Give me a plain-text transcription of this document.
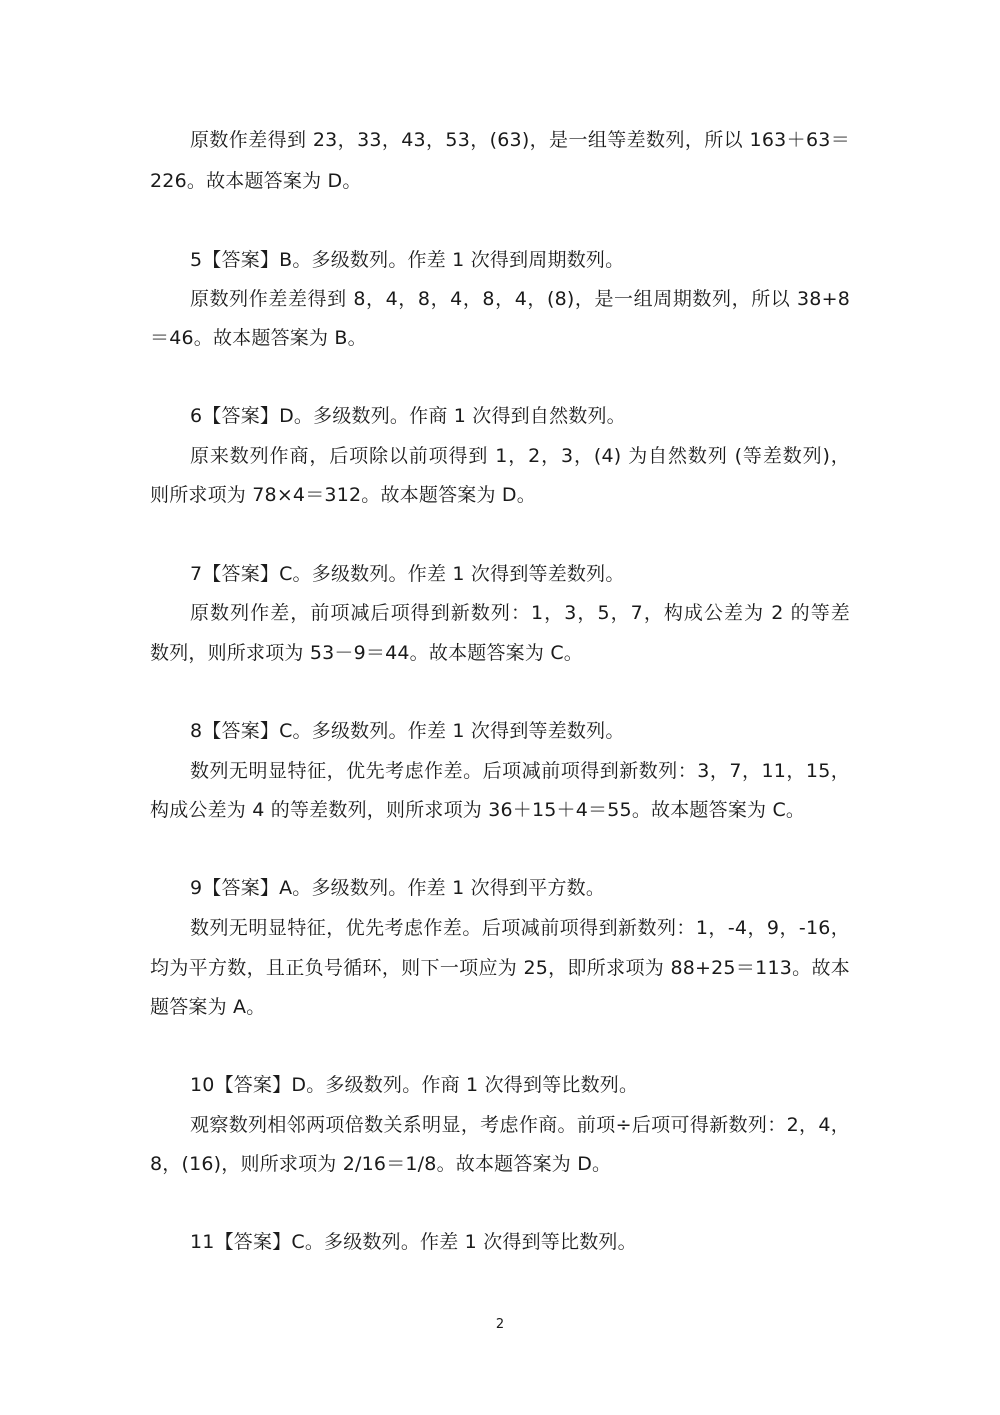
原数作差得到 23，33，43，53，(63)，是一组等差数列，所以 163＋63＝
226。故本题答案为 D。
5【答案】B。多级数列。作差 1 次得到周期数列。
原数列作差差得到 8，4，8，4，8，4，(8)，是一组周期数列，所以 38+8
＝46。故本题答案为 B。
6【答案】D。多级数列。作商 1 次得到自然数列。
原来数列作商，后项除以前项得到 1，2，3，(4) 为自然数列 (等差数列)，
则所求项为 78×4＝312。故本题答案为 D。
7【答案】C。多级数列。作差 1 次得到等差数列。
原数列作差，前项减后项得到新数列：1，3，5，7，构成公差为 2 的等差
数列，则所求项为 53－9＝44。故本题答案为 C。
8【答案】C。多级数列。作差 1 次得到等差数列。
数列无明显特征，优先考虑作差。后项减前项得到新数列：3，7，11，15，
构成公差为 4 的等差数列，则所求项为 36＋15＋4＝55。故本题答案为 C。
9【答案】A。多级数列。作差 1 次得到平方数。
数列无明显特征，优先考虑作差。后项减前项得到新数列：1，-4，9，-16，
均为平方数，且正负号循环，则下一项应为 25，即所求项为 88+25＝113。故本
题答案为 A。
10【答案】D。多级数列。作商 1 次得到等比数列。
观察数列相邻两项倍数关系明显，考虑作商。前项÷后项可得新数列：2，4，
8，(16)，则所求项为 2/16＝1/8。故本题答案为 D。
11【答案】C。多级数列。作差 1 次得到等比数列。
2
